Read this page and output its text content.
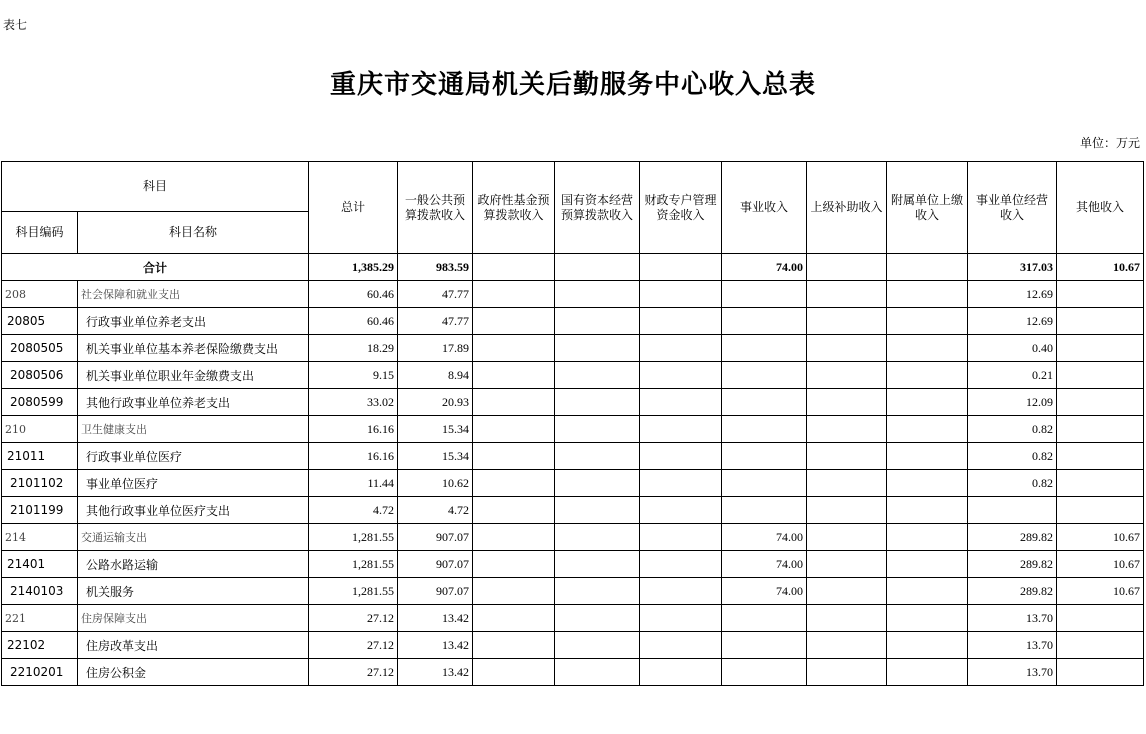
表七
重庆市交通局机关后勤服务中心收入总表
单位：万元
科目		总计	一般公共预算拨款收入	政府性基金预算拨款收入	国有资本经营预算拨款收入	财政专户管理资金收入	事业收入	上级补助收入	附属单位上缴收入	事业单位经营收入	其他收入
科目编码	科目名称										
合计		1,385.29	983.59				74.00			317.03	10.67
208	社会保障和就业支出	60.46	47.77							12.69	
20805	行政事业单位养老支出	60.46	47.77							12.69	
2080505	机关事业单位基本养老保险缴费支出	18.29	17.89							0.40	
2080506	机关事业单位职业年金缴费支出	9.15	8.94							0.21	
2080599	其他行政事业单位养老支出	33.02	20.93							12.09	
210	卫生健康支出	16.16	15.34							0.82	
21011	行政事业单位医疗	16.16	15.34							0.82	
2101102	事业单位医疗	11.44	10.62							0.82	
2101199	其他行政事业单位医疗支出	4.72	4.72								
214	交通运输支出	1,281.55	907.07				74.00			289.82	10.67
21401	公路水路运输	1,281.55	907.07				74.00			289.82	10.67
2140103	机关服务	1,281.55	907.07				74.00			289.82	10.67
221	住房保障支出	27.12	13.42							13.70	
22102	住房改革支出	27.12	13.42							13.70	
2210201	住房公积金	27.12	13.42							13.70	
